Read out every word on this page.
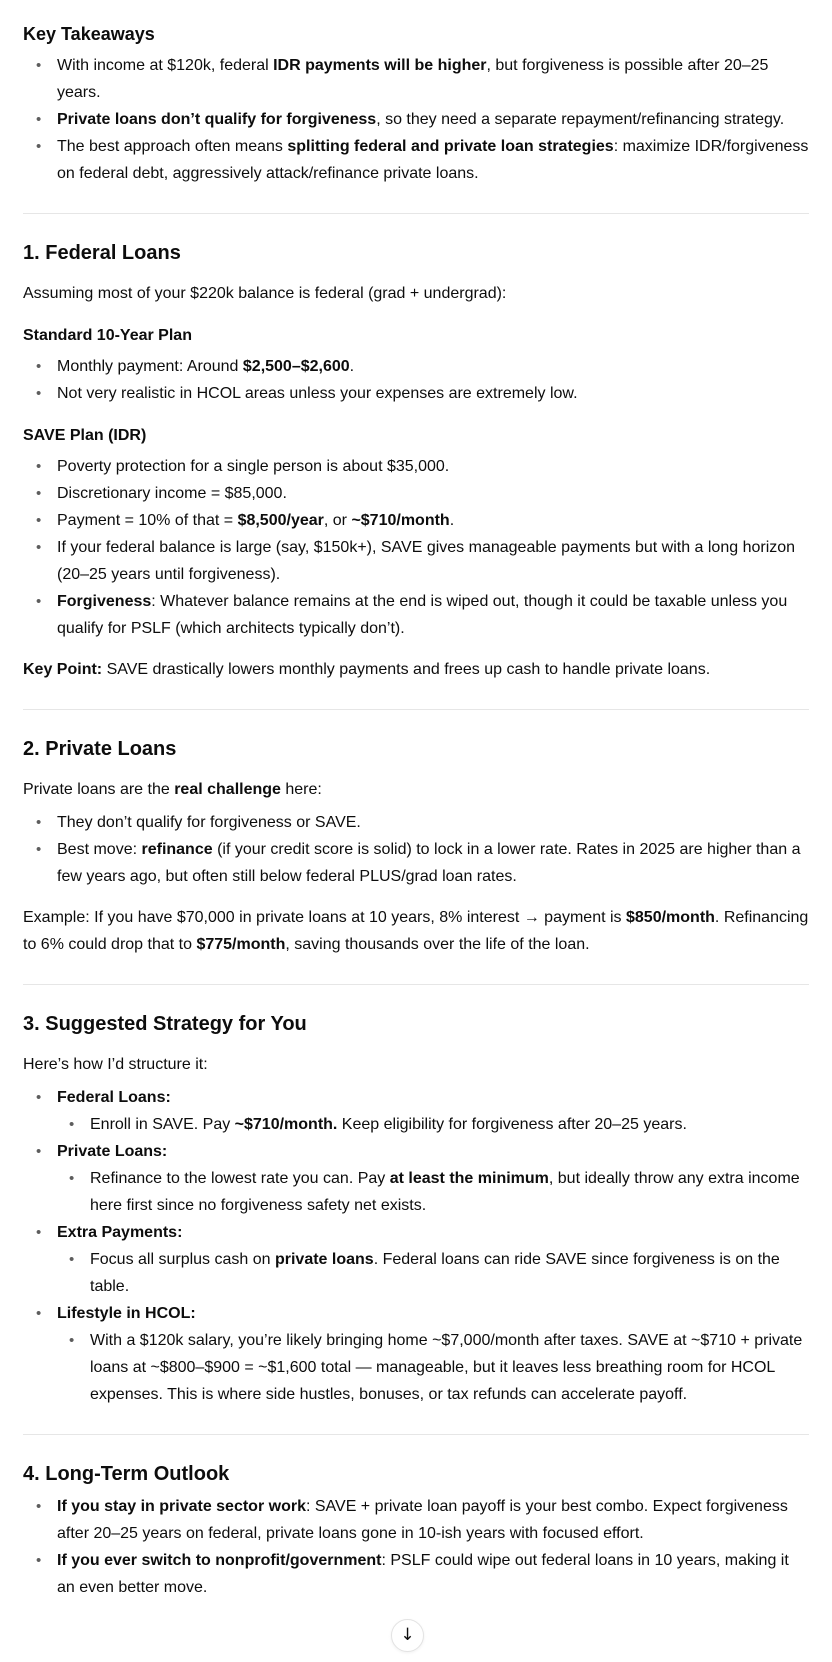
Key Takeaways
• With income at $120k, federal IDR payments will be higher, but forgiveness is possible after 20–25 years.
• Private loans don’t qualify for forgiveness, so they need a separate repayment/refinancing strategy.
• The best approach often means splitting federal and private loan strategies: maximize IDR/forgiveness on federal debt, aggressively attack/refinance private loans.
1. Federal Loans

Assuming most of your $220k balance is federal (grad + undergrad):

Standard 10-Year Plan
• Monthly payment: Around $2,500–$2,600.
• Not very realistic in HCOL areas unless your expenses are extremely low.
SAVE Plan (IDR)
• Poverty protection for a single person is about $35,000.
• Discretionary income = $85,000.
• Payment = 10% of that = $8,500/year, or ~$710/month.
• If your federal balance is large (say, $150k+), SAVE gives manageable payments but with a long horizon (20–25 years until forgiveness).
• Forgiveness: Whatever balance remains at the end is wiped out, though it could be taxable unless you qualify for PSLF (which architects typically don’t).

Key Point: SAVE drastically lowers monthly payments and frees up cash to handle private loans.

2. Private Loans

Private loans are the real challenge here:

• They don’t qualify for forgiveness or SAVE.
• Best move: refinance (if your credit score is solid) to lock in a lower rate. Rates in 2025 are higher than a few years ago, but often still below federal PLUS/grad loan rates.

Example: If you have $70,000 in private loans at 10 years, 8% interest → payment is $850/month. Refinancing to 6% could drop that to $775/month, saving thousands over the life of the loan.

3. Suggested Strategy for You

Here’s how I’d structure it:

• Federal Loans:
• Enroll in SAVE. Pay ~$710/month. Keep eligibility for forgiveness after 20–25 years.
• Private Loans:
• Refinance to the lowest rate you can. Pay at least the minimum, but ideally throw any extra income here first since no forgiveness safety net exists.
• Extra Payments:
• Focus all surplus cash on private loans. Federal loans can ride SAVE since forgiveness is on the table.
• Lifestyle in HCOL:
• With a $120k salary, you’re likely bringing home ~$7,000/month after taxes. SAVE at ~$710 + private loans at ~$800–$900 = ~$1,600 total — manageable, but it leaves less breathing room for HCOL expenses. This is where side hustles, bonuses, or tax refunds can accelerate payoff.
4. Long-Term Outlook
• If you stay in private sector work: SAVE + private loan payoff is your best combo. Expect forgiveness after 20–25 years on federal, private loans gone in 10-ish years with focused effort.
• If you ever switch to nonprofit/government: PSLF could wipe out federal loans in 10 years, making it an even better move.
↓
